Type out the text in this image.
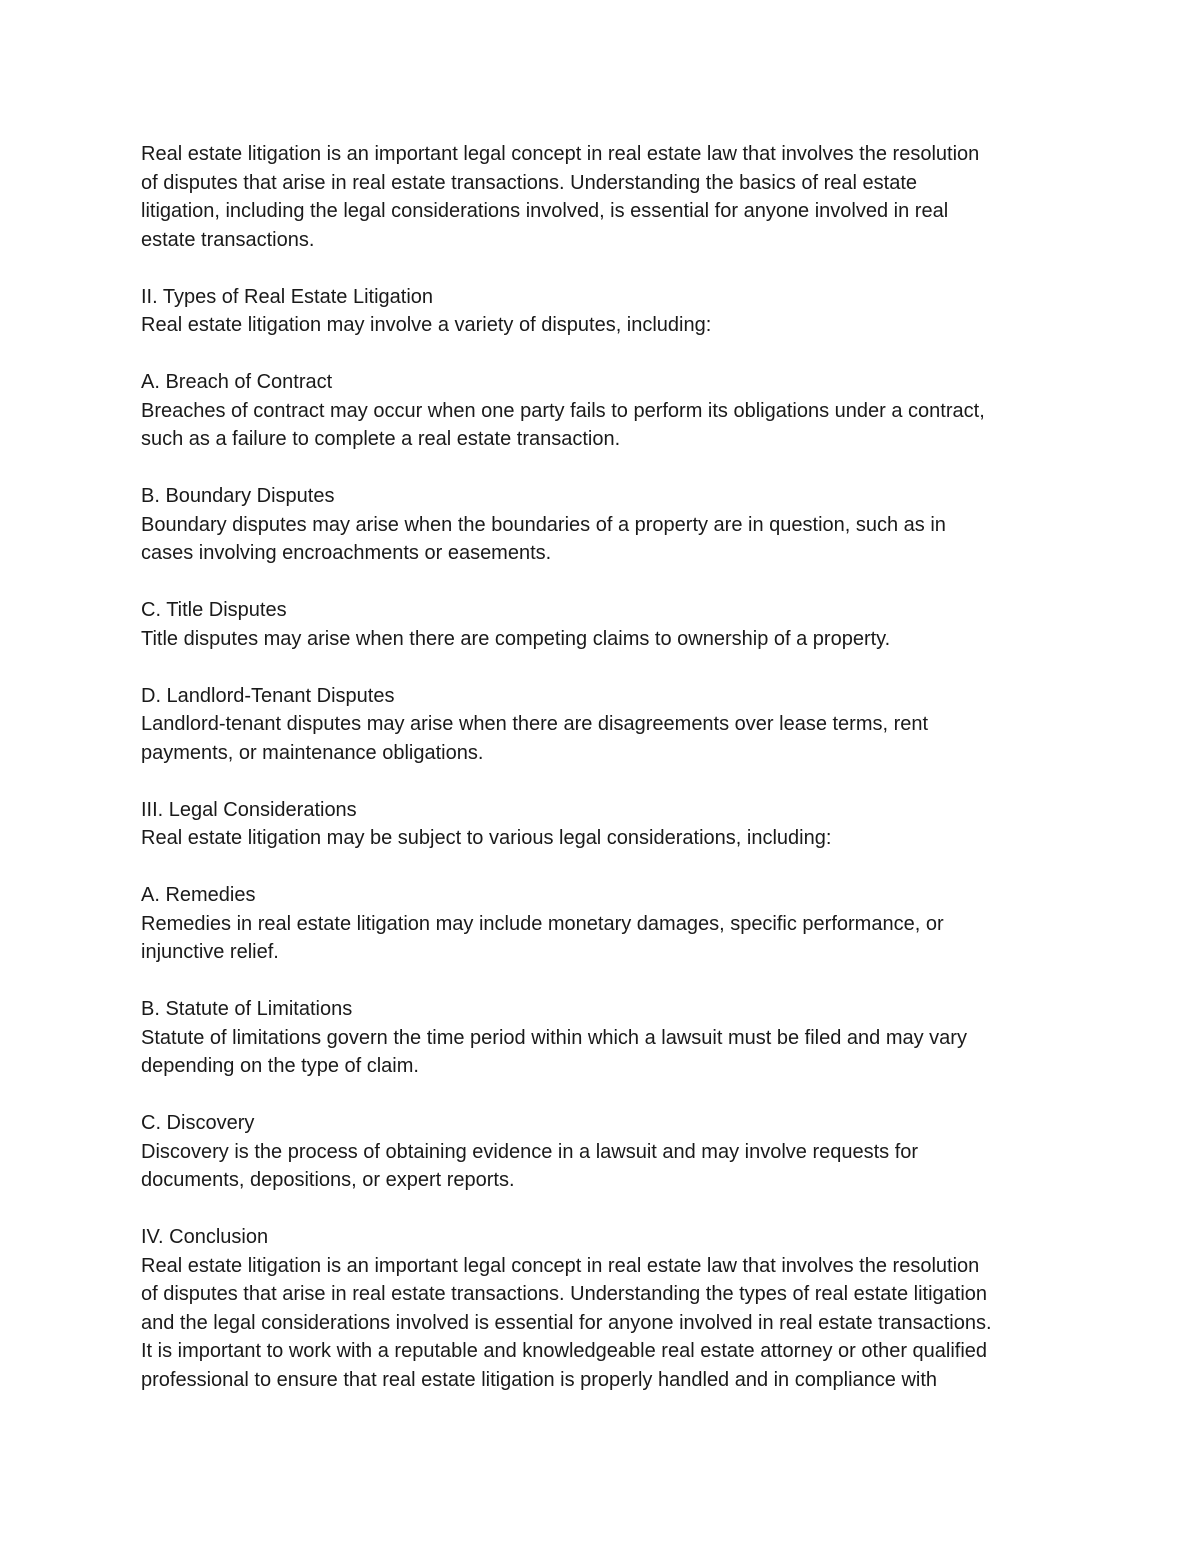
Real estate litigation is an important legal concept in real estate law that involves the resolution
of disputes that arise in real estate transactions. Understanding the basics of real estate
litigation, including the legal considerations involved, is essential for anyone involved in real
estate transactions.
II. Types of Real Estate Litigation
Real estate litigation may involve a variety of disputes, including:
A. Breach of Contract
Breaches of contract may occur when one party fails to perform its obligations under a contract,
such as a failure to complete a real estate transaction.
B. Boundary Disputes
Boundary disputes may arise when the boundaries of a property are in question, such as in
cases involving encroachments or easements.
C. Title Disputes
Title disputes may arise when there are competing claims to ownership of a property.
D. Landlord-Tenant Disputes
Landlord-tenant disputes may arise when there are disagreements over lease terms, rent
payments, or maintenance obligations.
III. Legal Considerations
Real estate litigation may be subject to various legal considerations, including:
A. Remedies
Remedies in real estate litigation may include monetary damages, specific performance, or
injunctive relief.
B. Statute of Limitations
Statute of limitations govern the time period within which a lawsuit must be filed and may vary
depending on the type of claim.
C. Discovery
Discovery is the process of obtaining evidence in a lawsuit and may involve requests for
documents, depositions, or expert reports.
IV. Conclusion
Real estate litigation is an important legal concept in real estate law that involves the resolution
of disputes that arise in real estate transactions. Understanding the types of real estate litigation
and the legal considerations involved is essential for anyone involved in real estate transactions.
It is important to work with a reputable and knowledgeable real estate attorney or other qualified
professional to ensure that real estate litigation is properly handled and in compliance with
